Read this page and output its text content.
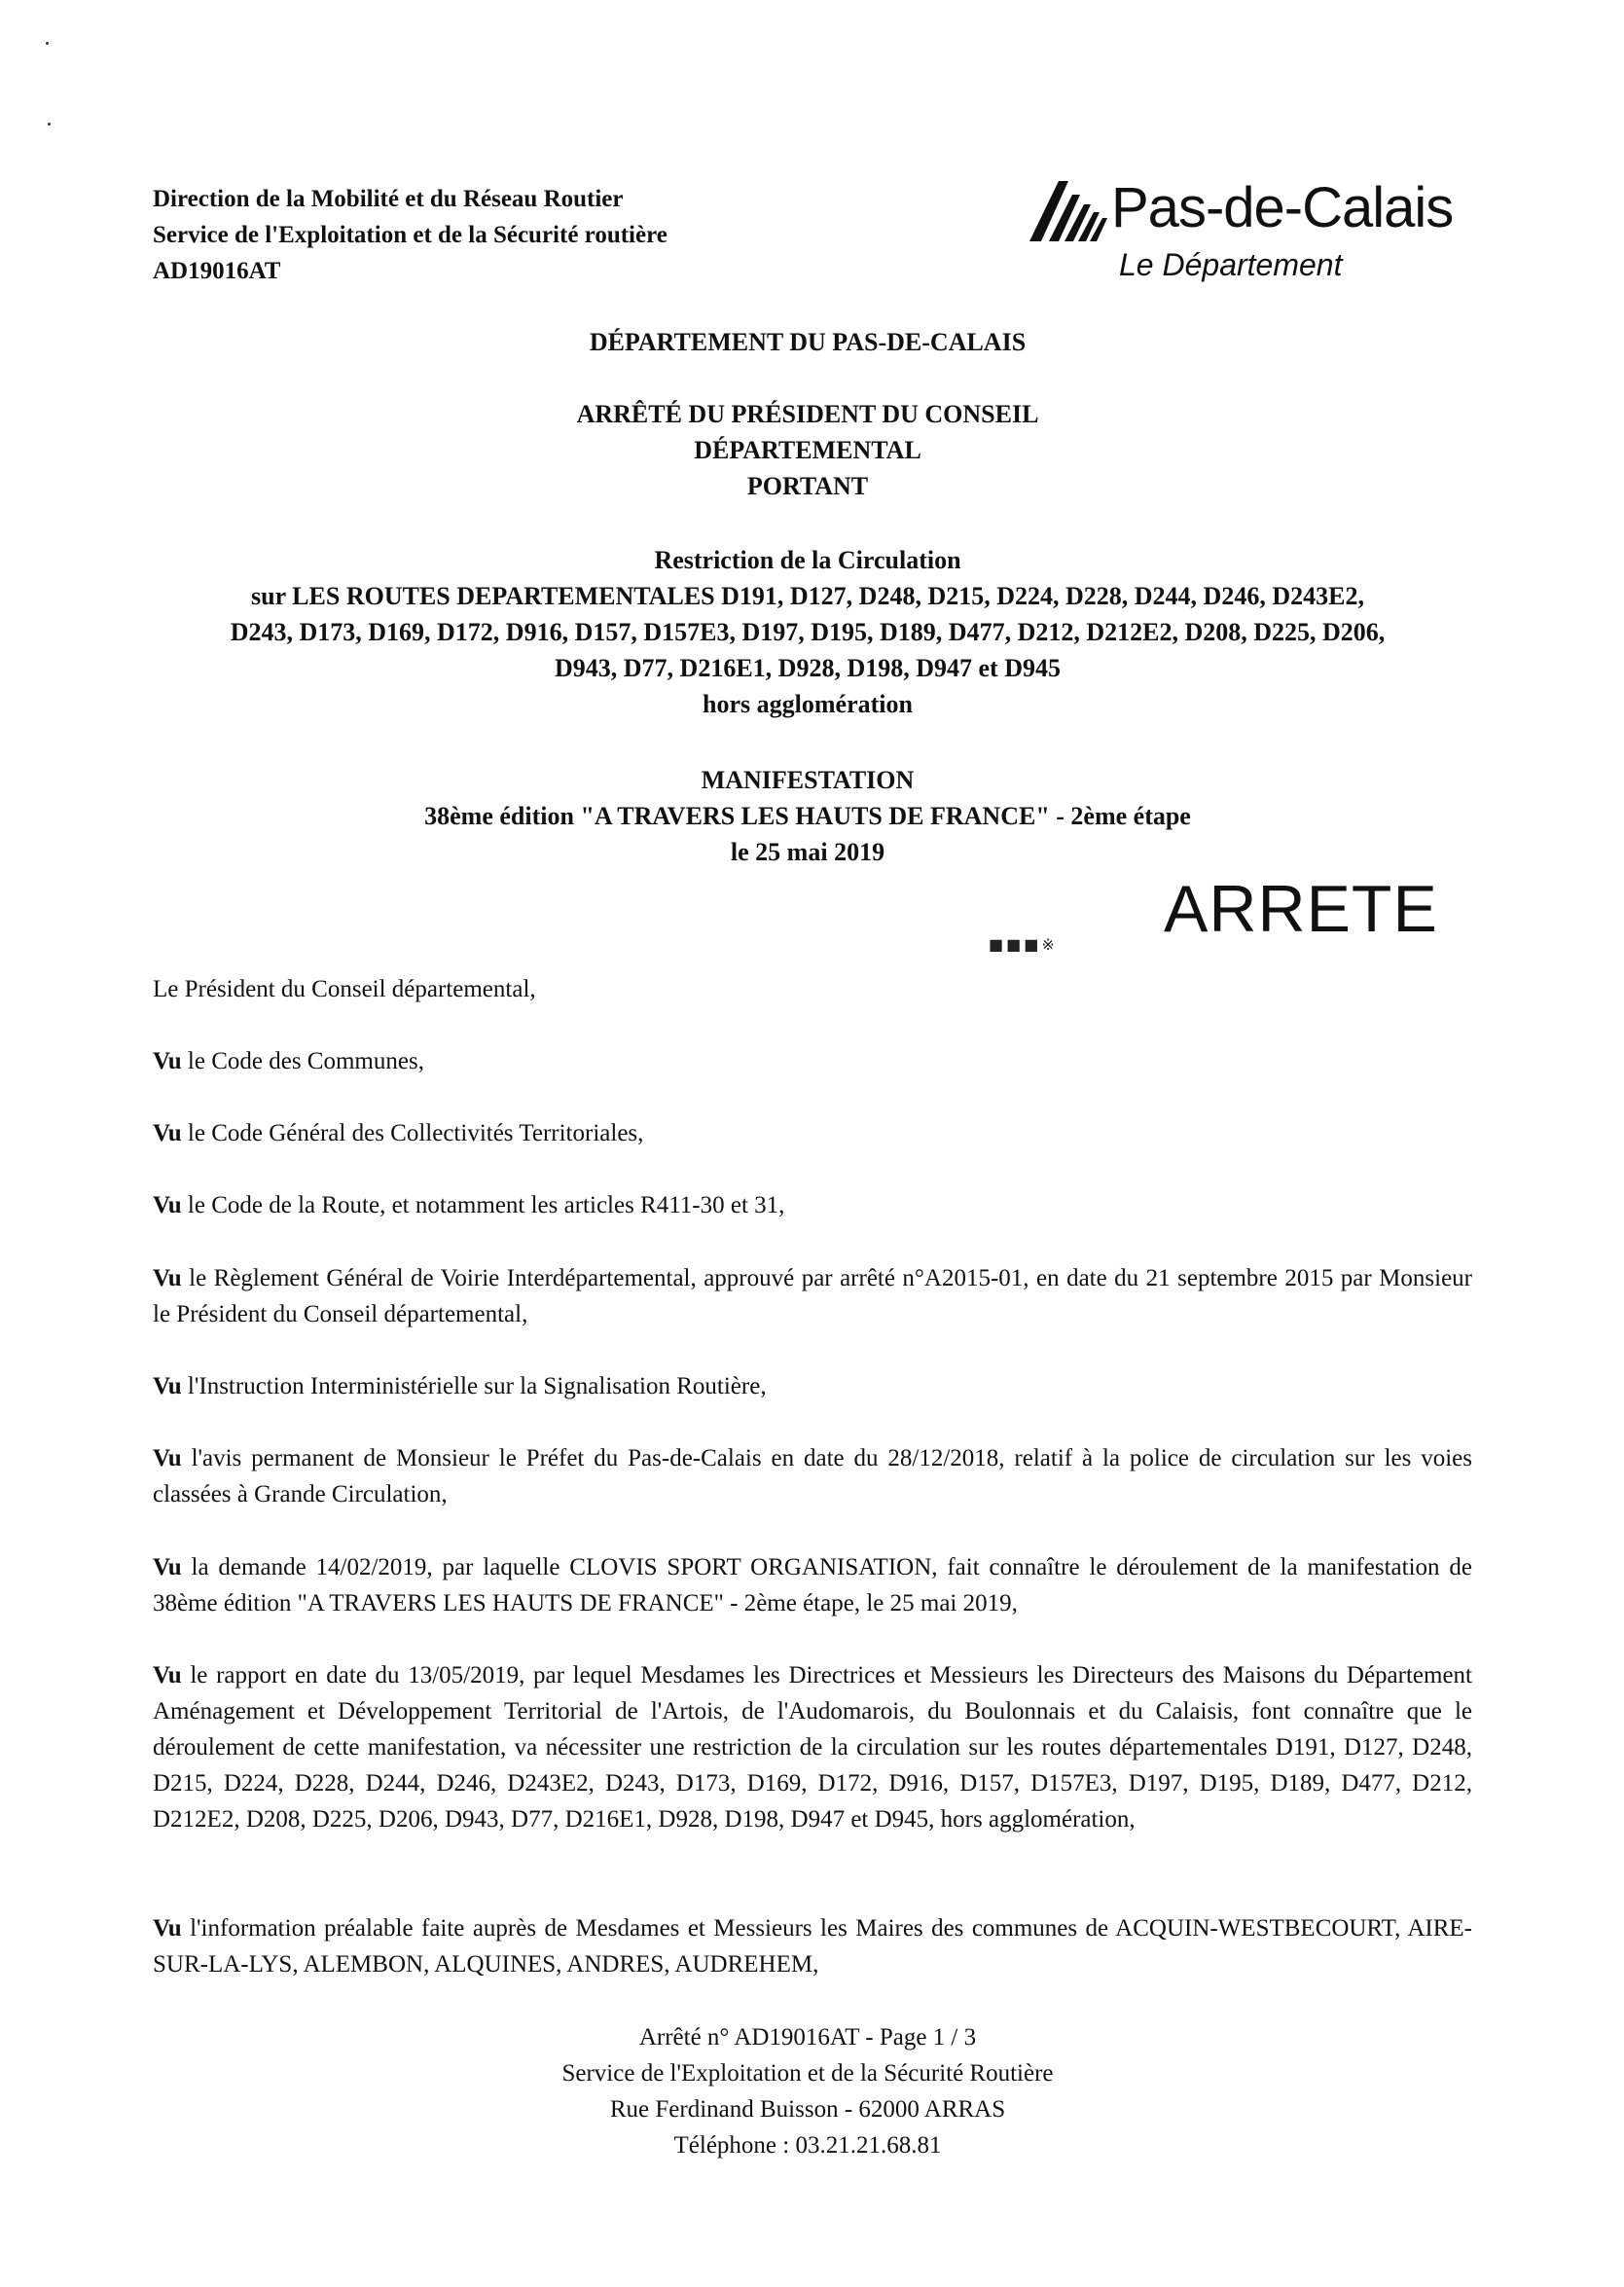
Direction de la Mobilité et du Réseau Routier
Service de l'Exploitation et de la Sécurité routière
AD19016AT
Pas-de-Calais
Le Département
DÉPARTEMENT DU PAS-DE-CALAIS
ARRÊTÉ DU PRÉSIDENT DU CONSEIL
DÉPARTEMENTAL
PORTANT
Restriction de la Circulation
sur LES ROUTES DEPARTEMENTALES D191, D127, D248, D215, D224, D228, D244, D246, D243E2,
D243, D173, D169, D172, D916, D157, D157E3, D197, D195, D189, D477, D212, D212E2, D208, D225, D206,
D943, D77, D216E1, D928, D198, D947 et D945
hors agglomération
MANIFESTATION
38ème édition "A TRAVERS LES HAUTS DE FRANCE" - 2ème étape
le 25 mai 2019
■■■※ ARRETE
Le Président du Conseil départemental,
Vu le Code des Communes,
Vu le Code Général des Collectivités Territoriales,
Vu le Code de la Route, et notamment les articles R411-30 et 31,
Vu le Règlement Général de Voirie Interdépartemental, approuvé par arrêté n°A2015-01, en date du 21 septembre 2015 par Monsieur le Président du Conseil départemental,
Vu l'Instruction Interministérielle sur la Signalisation Routière,
Vu l'avis permanent de Monsieur le Préfet du Pas-de-Calais en date du 28/12/2018, relatif à la police de circulation sur les voies classées à Grande Circulation,
Vu la demande 14/02/2019, par laquelle CLOVIS SPORT ORGANISATION, fait connaître le déroulement de la manifestation de 38ème édition "A TRAVERS LES HAUTS DE FRANCE" - 2ème étape, le 25 mai 2019,
Vu le rapport en date du 13/05/2019, par lequel Mesdames les Directrices et Messieurs les Directeurs des Maisons du Département Aménagement et Développement Territorial de l'Artois, de l'Audomarois, du Boulonnais et du Calaisis, font connaître que le déroulement de cette manifestation, va nécessiter une restriction de la circulation sur les routes départementales D191, D127, D248, D215, D224, D228, D244, D246, D243E2, D243, D173, D169, D172, D916, D157, D157E3, D197, D195, D189, D477, D212, D212E2, D208, D225, D206, D943, D77, D216E1, D928, D198, D947 et D945, hors agglomération,
Vu l'information préalable faite auprès de Mesdames et Messieurs les Maires des communes de ACQUIN-WESTBECOURT, AIRE-SUR-LA-LYS, ALEMBON, ALQUINES, ANDRES, AUDREHEM,
Arrêté n° AD19016AT - Page 1 / 3
Service de l'Exploitation et de la Sécurité Routière
Rue Ferdinand Buisson - 62000 ARRAS
Téléphone : 03.21.21.68.81
